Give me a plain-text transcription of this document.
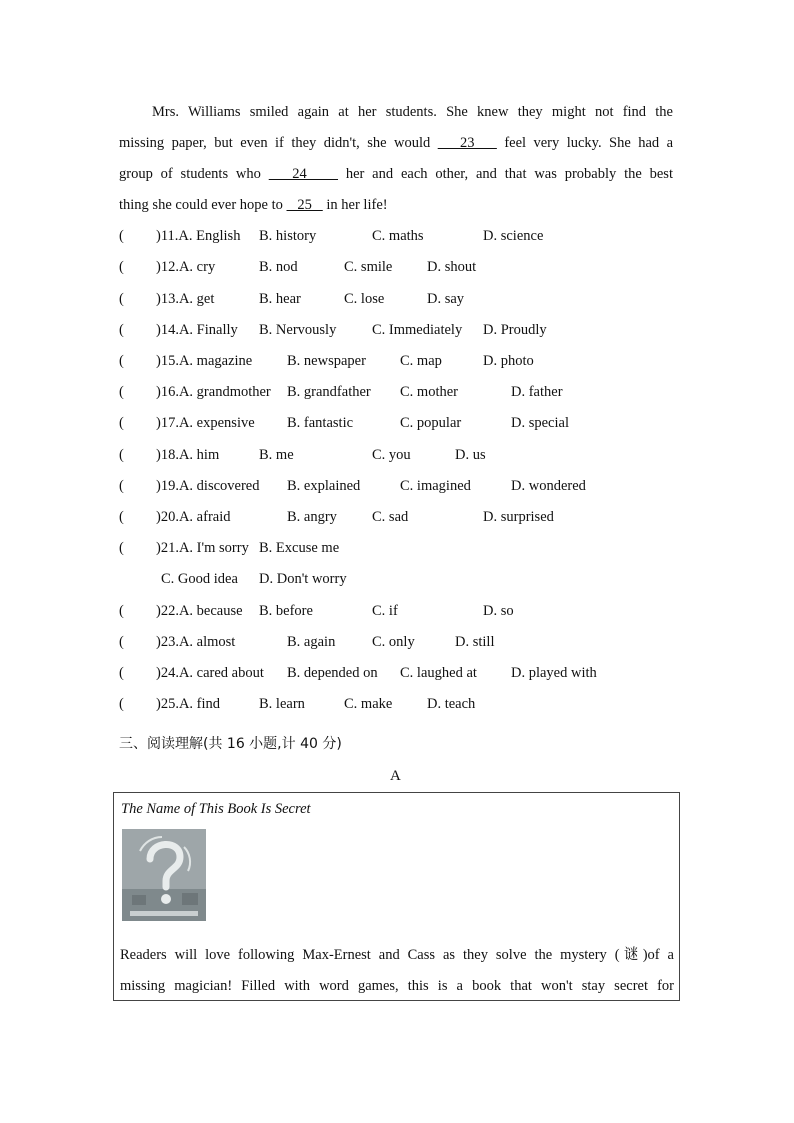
Mrs. Williams smiled again at her students. She knew they might not find the
missing paper, but even if they didn't, she would    23    feel very lucky. She had a
group of students who    24     her and each other, and that was probably the best
thing she could ever hope to    25    in her life!
( )11.A. English B. history	C. maths	D. science
( )12.A. cry	B. nod	C. smile D. shout
( )13.A. get	B. hear	C. lose	D. say
( )14.A. Finally B. Nervously C. Immediately D. Proudly
( )15.A. magazine B. newspaper C. map	D. photo
( )16.A. grandmother B. grandfather C. mother	D. father
( )17.A. expensive B. fantastic	C. popular	D. special
( )18.A. him	B. me	C. you	D. us
( )19.A. discovered B. explained	C. imagined	D. wondered
( )20.A. afraid	B. angry C. sad	D. surprised
( )21.A. I'm sorry B. Excuse me
C. Good idea D. Don't worry
( )22.A. because B. before	C. if	D. so
( )23.A. almost	B. again	C. only	D. still
( )24.A. cared about B. depended on C. laughed at D. played with
( )25.A. find	B. learn	C. make D. teach
三、阅读理解(共 16 小题,计 40 分)
A
The Name of This Book Is Secret
Readers will love following Max-Ernest and Cass as they solve the mystery (谜)of a
missing magician! Filled with word games, this is a book that won't stay secret for
